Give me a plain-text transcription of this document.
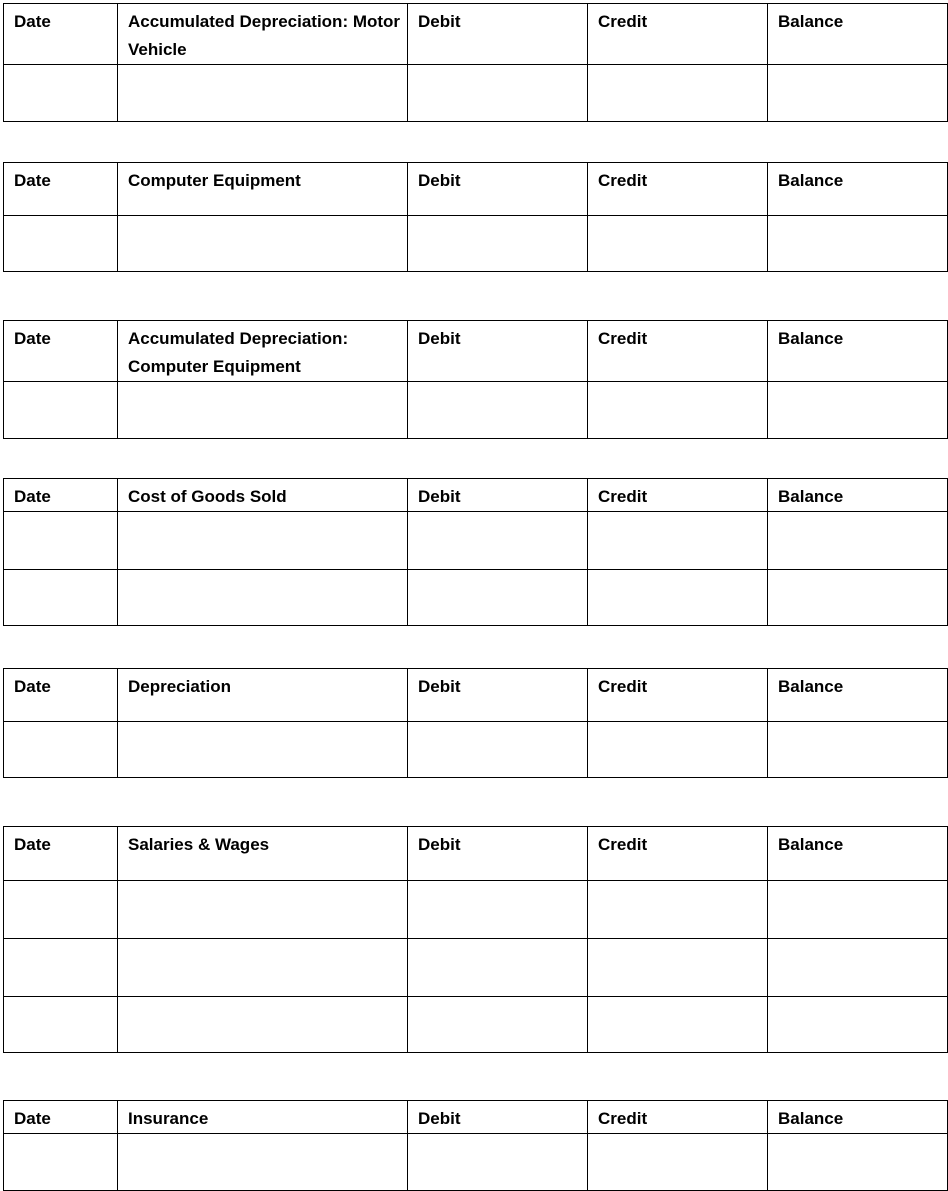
Date	Accumulated Depreciation: Motor Vehicle	Debit	Credit	Balance

Date	Computer Equipment	Debit	Credit	Balance

Date	Accumulated Depreciation: Computer Equipment	Debit	Credit	Balance

Date	Cost of Goods Sold	Debit	Credit	Balance

Date	Depreciation	Debit	Credit	Balance

Date	Salaries & Wages	Debit	Credit	Balance

Date	Insurance	Debit	Credit	Balance
